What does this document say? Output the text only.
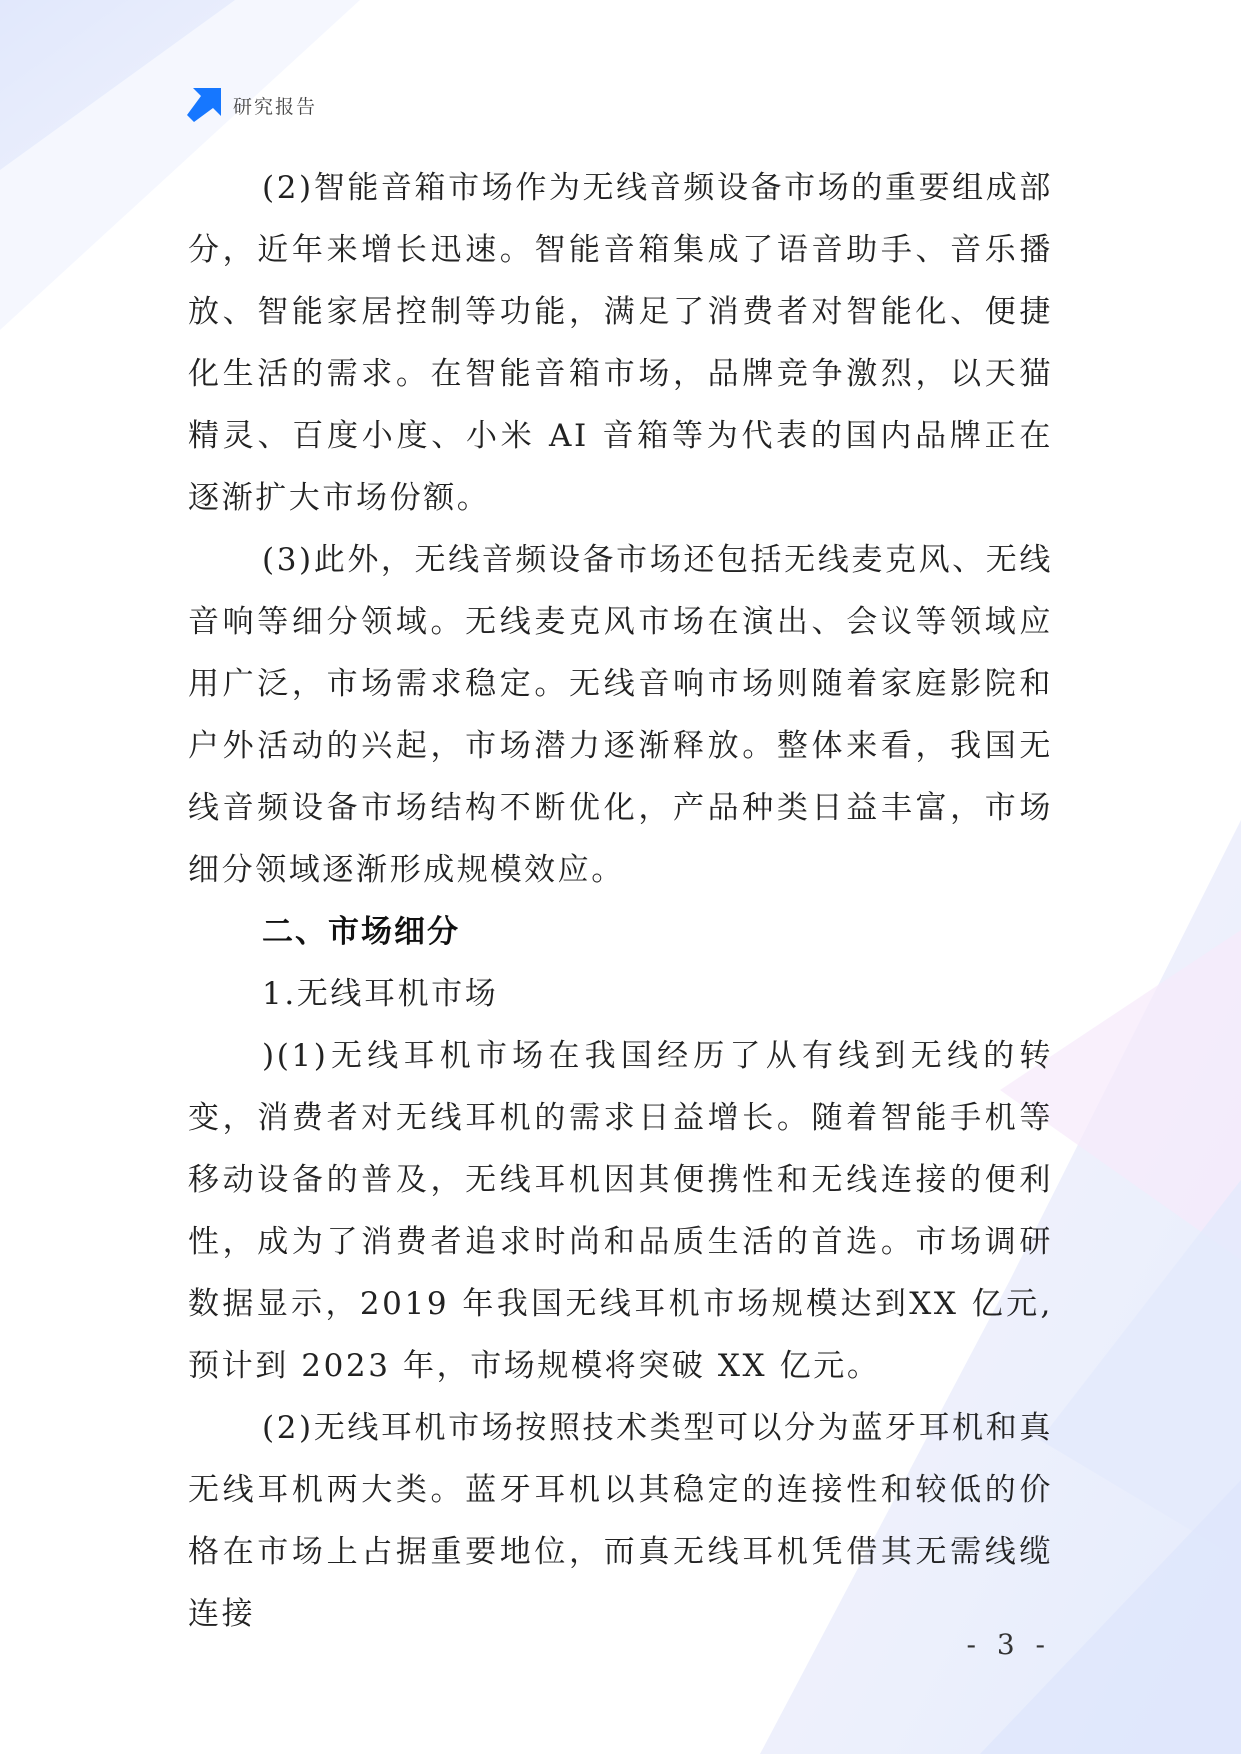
研究报告

(2)智能音箱市场作为无线音频设备市场的重要组成部分，近年来增长迅速。智能音箱集成了语音助手、音乐播放、智能家居控制等功能，满足了消费者对智能化、便捷化生活的需求。在智能音箱市场，品牌竞争激烈，以天猫精灵、百度小度、小米 AI 音箱等为代表的国内品牌正在逐渐扩大市场份额。

(3)此外，无线音频设备市场还包括无线麦克风、无线音响等细分领域。无线麦克风市场在演出、会议等领域应用广泛，市场需求稳定。无线音响市场则随着家庭影院和户外活动的兴起，市场潜力逐渐释放。整体来看，我国无线音频设备市场结构不断优化，产品种类日益丰富，市场细分领域逐渐形成规模效应。

二、市场细分

1.无线耳机市场

)(1)无线耳机市场在我国经历了从有线到无线的转变，消费者对无线耳机的需求日益增长。随着智能手机等移动设备的普及，无线耳机因其便携性和无线连接的便利性，成为了消费者追求时尚和品质生活的首选。市场调研数据显示，2019 年我国无线耳机市场规模达到XX 亿元,预计到 2023 年，市场规模将突破 XX 亿元。

(2)无线耳机市场按照技术类型可以分为蓝牙耳机和真无线耳机两大类。蓝牙耳机以其稳定的连接性和较低的价格在市场上占据重要地位，而真无线耳机凭借其无需线缆连接

- 3 -
